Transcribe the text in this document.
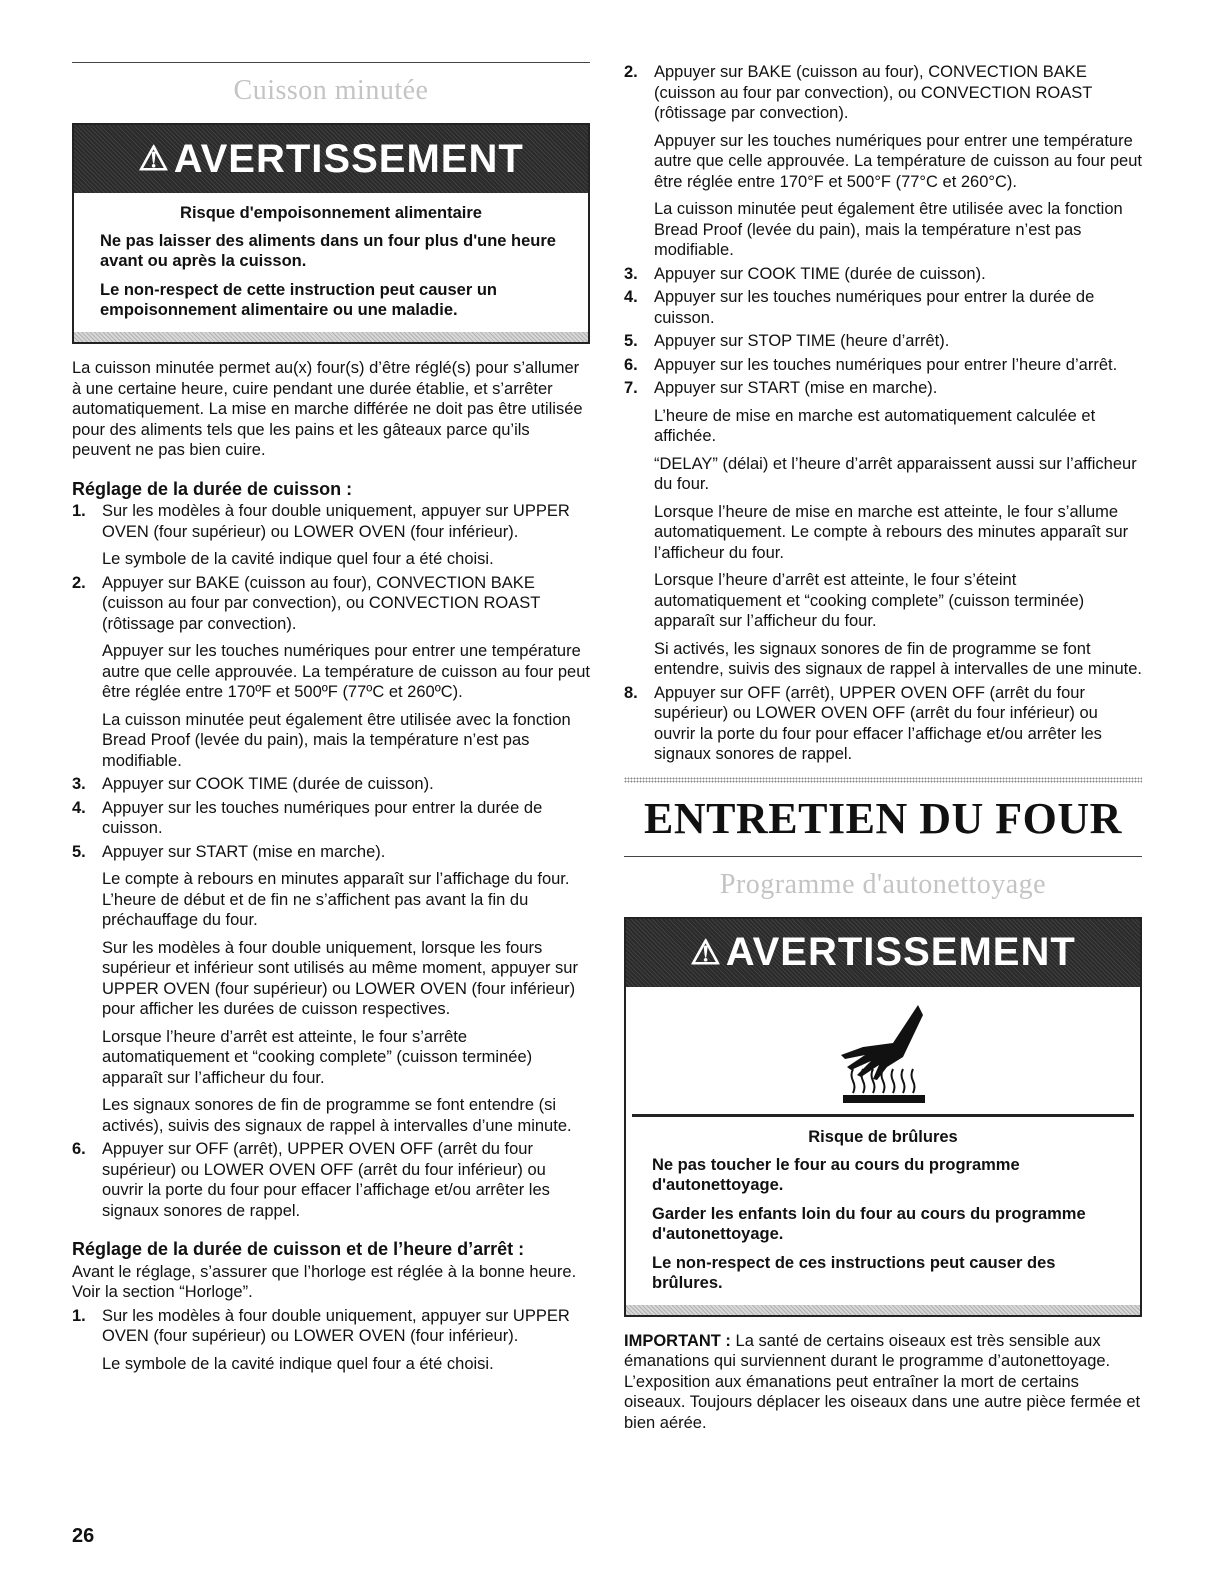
Cuisson minutée
⚠ AVERTISSEMENT

Risque d'empoisonnement alimentaire

Ne pas laisser des aliments dans un four plus d'une heure avant ou après la cuisson.

Le non-respect de cette instruction peut causer un empoisonnement alimentaire ou une maladie.

La cuisson minutée permet au(x) four(s) d’être réglé(s) pour s’allumer à une certaine heure, cuire pendant une durée établie, et s’arrêter automatiquement. La mise en marche différée ne doit pas être utilisée pour des aliments tels que les pains et les gâteaux parce qu’ils peuvent ne pas bien cuire.

Réglage de la durée de cuisson :
1. Sur les modèles à four double uniquement, appuyer sur UPPER OVEN (four supérieur) ou LOWER OVEN (four inférieur).
Le symbole de la cavité indique quel four a été choisi.
2. Appuyer sur BAKE (cuisson au four), CONVECTION BAKE (cuisson au four par convection), ou CONVECTION ROAST (rôtissage par convection).
Appuyer sur les touches numériques pour entrer une température autre que celle approuvée. La température de cuisson au four peut être réglée entre 170ºF et 500ºF (77ºC et 260ºC).
La cuisson minutée peut également être utilisée avec la fonction Bread Proof (levée du pain), mais la température n’est pas modifiable.
3. Appuyer sur COOK TIME (durée de cuisson).
4. Appuyer sur les touches numériques pour entrer la durée de cuisson.
5. Appuyer sur START (mise en marche).
Le compte à rebours en minutes apparaît sur l’affichage du four. L’heure de début et de fin ne s’affichent pas avant la fin du préchauffage du four.
Sur les modèles à four double uniquement, lorsque les fours supérieur et inférieur sont utilisés au même moment, appuyer sur UPPER OVEN (four supérieur) ou LOWER OVEN (four inférieur) pour afficher les durées de cuisson respectives.
Lorsque l’heure d’arrêt est atteinte, le four s’arrête automatiquement et “cooking complete” (cuisson terminée) apparaît sur l’afficheur du four.
Les signaux sonores de fin de programme se font entendre (si activés), suivis des signaux de rappel à intervalles d’une minute.
6. Appuyer sur OFF (arrêt), UPPER OVEN OFF (arrêt du four supérieur) ou LOWER OVEN OFF (arrêt du four inférieur) ou ouvrir la porte du four pour effacer l’affichage et/ou arrêter les signaux sonores de rappel.
Réglage de la durée de cuisson et de l’heure d’arrêt :

Avant le réglage, s’assurer que l’horloge est réglée à la bonne heure. Voir la section “Horloge”.

1. Sur les modèles à four double uniquement, appuyer sur UPPER OVEN (four supérieur) ou LOWER OVEN (four inférieur).
Le symbole de la cavité indique quel four a été choisi.
2. Appuyer sur BAKE (cuisson au four), CONVECTION BAKE (cuisson au four par convection), ou CONVECTION ROAST (rôtissage par convection).
Appuyer sur les touches numériques pour entrer une température autre que celle approuvée. La température de cuisson au four peut être réglée entre 170°F et 500°F (77°C et 260°C).
La cuisson minutée peut également être utilisée avec la fonction Bread Proof (levée du pain), mais la température n’est pas modifiable.
3. Appuyer sur COOK TIME (durée de cuisson).
4. Appuyer sur les touches numériques pour entrer la durée de cuisson.
5. Appuyer sur STOP TIME (heure d’arrêt).
6. Appuyer sur les touches numériques pour entrer l’heure d’arrêt.
7. Appuyer sur START (mise en marche).
L’heure de mise en marche est automatiquement calculée et affichée.
“DELAY” (délai) et l’heure d’arrêt apparaissent aussi sur l’afficheur du four.
Lorsque l’heure de mise en marche est atteinte, le four s’allume automatiquement. Le compte à rebours des minutes apparaît sur l’afficheur du four.
Lorsque l’heure d’arrêt est atteinte, le four s’éteint automatiquement et “cooking complete” (cuisson terminée) apparaît sur l’afficheur du four.
Si activés, les signaux sonores de fin de programme se font entendre, suivis des signaux de rappel à intervalles de une minute.
8. Appuyer sur OFF (arrêt), UPPER OVEN OFF (arrêt du four supérieur) ou LOWER OVEN OFF (arrêt du four inférieur) ou ouvrir la porte du four pour effacer l’affichage et/ou arrêter les signaux sonores de rappel.
ENTRETIEN DU FOUR
Programme d'autonettoyage
⚠ AVERTISSEMENT

Risque de brûlures

Ne pas toucher le four au cours du programme d'autonettoyage.

Garder les enfants loin du four au cours du programme d'autonettoyage.

Le non-respect de ces instructions peut causer des brûlures.

IMPORTANT : La santé de certains oiseaux est très sensible aux émanations qui surviennent durant le programme d’autonettoyage. L’exposition aux émanations peut entraîner la mort de certains oiseaux. Toujours déplacer les oiseaux dans une autre pièce fermée et bien aérée.

26
